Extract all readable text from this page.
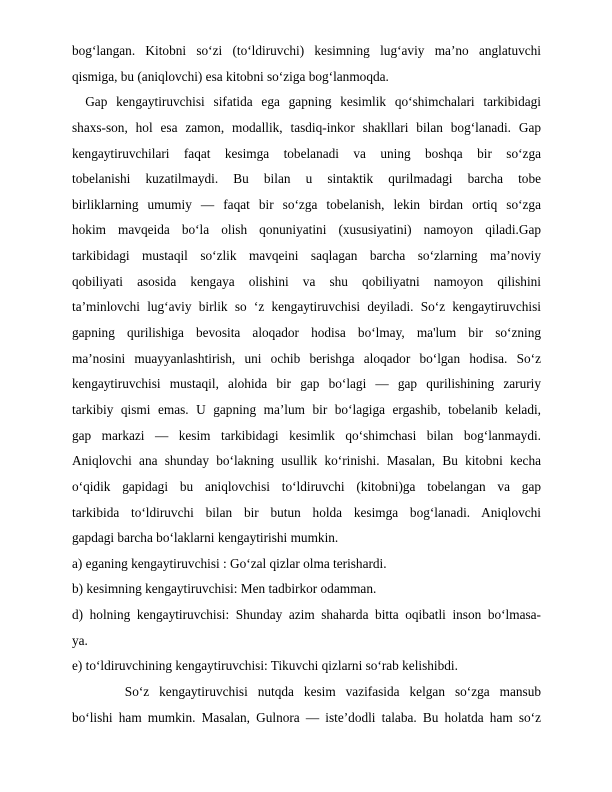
bog‘langan. Kitobni so‘zi (to‘ldiruvchi) kesimning lug‘aviy ma’no anglatuvchi
qismiga, bu (aniqlovchi) esa kitobni so‘ziga bog‘lanmoqda.
Gap kengaytiruvchisi sifatida ega gapning kesimlik qo‘shimchalari tarkibidagi
shaxs-son, hol esa zamon, modallik, tasdiq-inkor shakllari bilan bog‘lanadi. Gap
kengaytiruvchilari faqat kesimga tobelanadi va uning boshqa bir so‘zga
tobelanishi kuzatilmaydi. Bu bilan u sintaktik qurilmadagi barcha tobe
birliklarning umumiy — faqat bir so‘zga tobelanish, lekin birdan ortiq so‘zga
hokim mavqeida bo‘la olish qonuniyatini (xususiyatini) namoyon qiladi.Gap
tarkibidagi mustaqil so‘zlik mavqeini saqlagan barcha so‘zlarning ma’noviy
qobiliyati asosida kengaya olishini va shu qobiliyatni namoyon qilishini
ta’minlovchi lug‘aviy birlik so ‘z kengaytiruvchisi deyiladi. So‘z kengaytiruvchisi
gapning qurilishiga bevosita aloqador hodisa bo‘lmay, ma'lum bir so‘zning
ma’nosini muayyanlashtirish, uni ochib berishga aloqador bo‘lgan hodisa. So‘z
kengaytiruvchisi mustaqil, alohida bir gap bo‘lagi — gap qurilishining zaruriy
tarkibiy qismi emas. U gapning ma’lum bir bo‘lagiga ergashib, tobelanib keladi,
gap markazi — kesim tarkibidagi kesimlik qo‘shimchasi bilan bog‘lanmaydi.
Aniqlovchi ana shunday bo‘lakning usullik ko‘rinishi. Masalan, Bu kitobni kecha
o‘qidik gapidagi bu aniqlovchisi to‘ldiruvchi (kitobni)ga tobelangan va gap
tarkibida to‘ldiruvchi bilan bir butun holda kesimga bog‘lanadi. Aniqlovchi
gapdagi barcha bo‘laklarni kengaytirishi mumkin.
a) eganing kengaytiruvchisi : Go‘zal qizlar olma terishardi.
b) kesimning kengaytiruvchisi: Men tadbirkor odamman.
d) holning kengaytiruvchisi: Shunday azim shaharda bitta oqibatli inson bo‘lmasa-
ya.
e) to‘ldiruvchining kengaytiruvchisi: Tikuvchi qizlarni so‘rab kelishibdi.
So‘z kengaytiruvchisi nutqda kesim vazifasida kelgan so‘zga mansub
bo‘lishi ham mumkin. Masalan, Gulnora — iste’dodli talaba. Bu holatda ham so‘z
